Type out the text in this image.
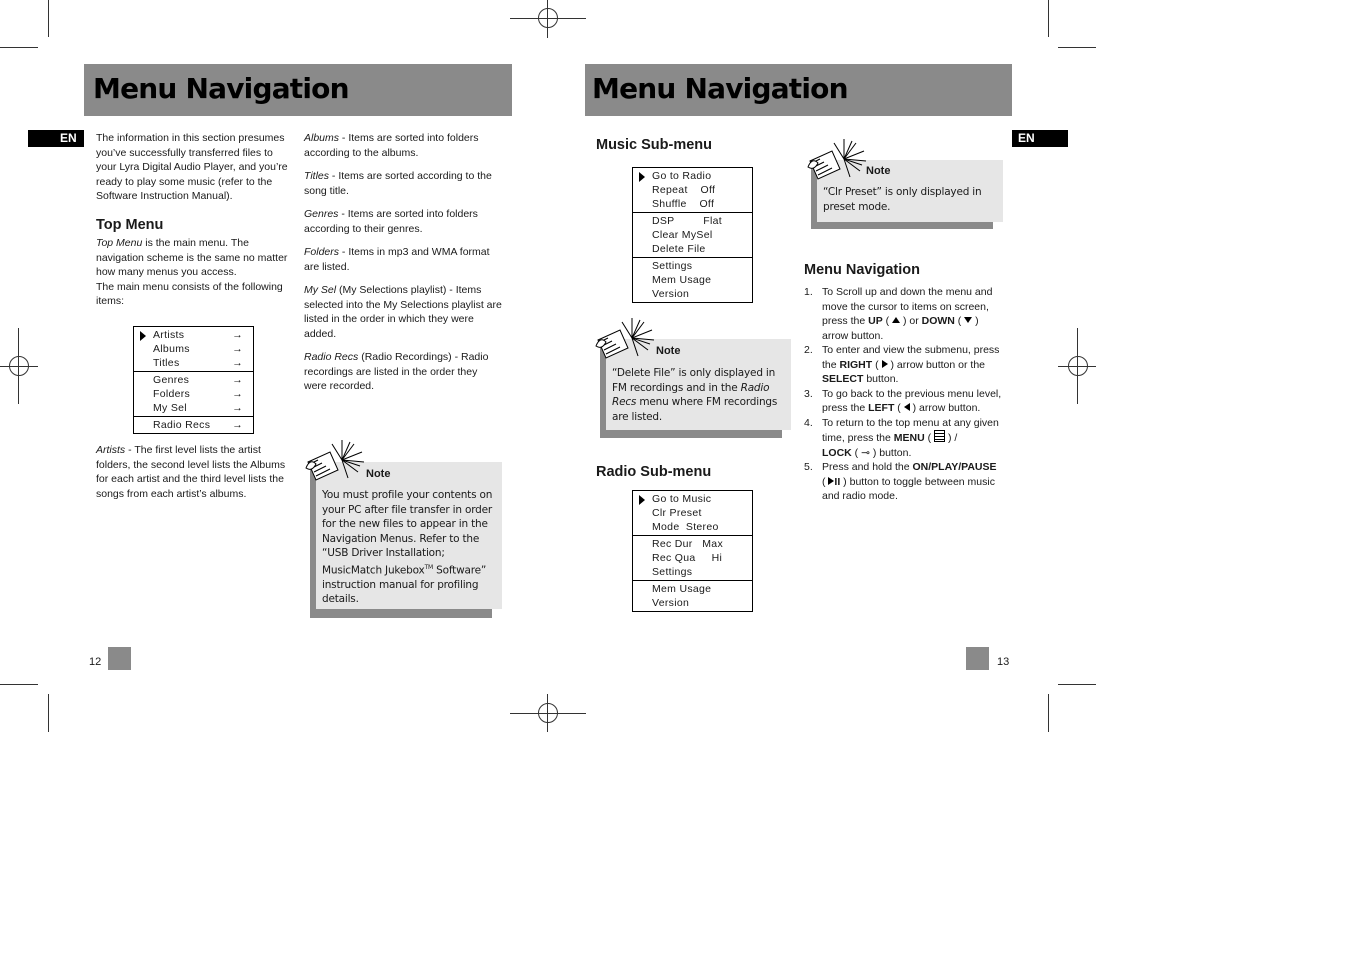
Menu Navigation
EN	The information in this section presumes you’ve successfully transferred files to your Lyra Digital Audio Player, and you’re ready to play some music (refer to the Software Instruction Manual).

Top Menu
Top Menu is the main menu. The navigation scheme is the same no matter how many menus you access.
The main menu consists of the following items:
Artists	→
Albums	→
Titles	→
Genres	→
Folders	→
My Sel	→
Radio Recs →
Artists - The first level lists the artist folders, the second level lists the Albums for each artist and the third level lists the songs from each artist’s albums.

Albums - Items are sorted into folders according to the albums.

Titles - Items are sorted according to the song title.

Genres - Items are sorted into folders according to their genres.

Folders - Items in mp3 and WMA format are listed.

My Sel (My Selections playlist) - Items selected into the My Selections playlist are listed in the order in which they were added.

Radio Recs (Radio Recordings) - Radio recordings are listed in the order they were recorded.

Note
You must profile your contents on your PC after file transfer in order for the new files to appear in the Navigation Menus. Refer to the “USB Driver Installation; MusicMatch Jukebox™ Software” instruction manual for profiling details.
12
Menu Navigation
EN
Music Sub-menu
Go to Radio
Repeat    Off
Shuffle    Off
DSP         Flat
Clear MySel
Delete File
Settings
Mem Usage
Version
Note
“Delete File” is only displayed in FM recordings and in the Radio Recs menu where FM recordings are listed.
Radio Sub-menu
Go to Music
Clr Preset
Mode  Stereo
Rec Dur   Max
Rec Qua     Hi
Settings
Mem Usage
Version
Note
“Clr Preset” is only displayed in preset mode.
Menu Navigation
1. To Scroll up and down the menu and move the cursor to items on screen, press the UP (  ) or DOWN (  ) arrow button.
2. To enter and view the submenu, press the RIGHT (  ) arrow button or the SELECT button.
3. To go back to the previous menu level, press the LEFT (  ) arrow button.
4. To return to the top menu at any given time, press the MENU (  ) /
LOCK ( ⊸ ) button.
5. Press and hold the ON/PLAY/PAUSE
( II ) button to toggle between music and radio mode.
13
